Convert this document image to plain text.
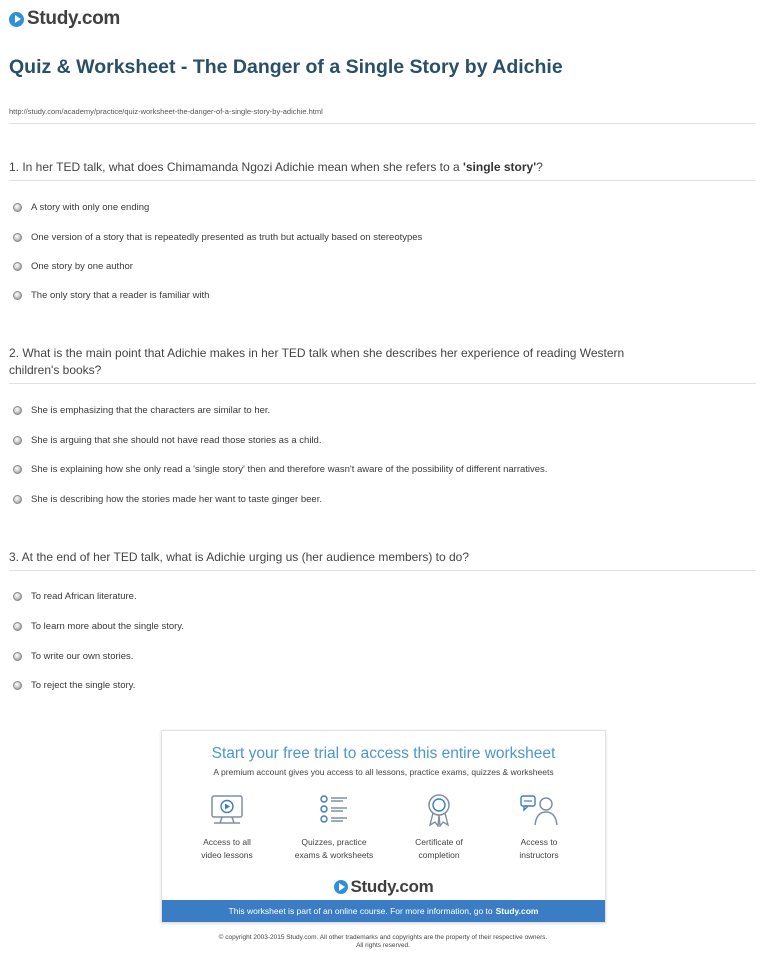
Study.com
Quiz & Worksheet - The Danger of a Single Story by Adichie
http://study.com/academy/practice/quiz-worksheet-the-danger-of-a-single-story-by-adichie.html
1. In her TED talk, what does Chimamanda Ngozi Adichie mean when she refers to a 'single story'?
A story with only one ending
One version of a story that is repeatedly presented as truth but actually based on stereotypes
One story by one author
The only story that a reader is familiar with
2. What is the main point that Adichie makes in her TED talk when she describes her experience of reading Western children's books?
She is emphasizing that the characters are similar to her.
She is arguing that she should not have read those stories as a child.
She is explaining how she only read a 'single story' then and therefore wasn't aware of the possibility of different narratives.
She is describing how the stories made her want to taste ginger beer.
3. At the end of her TED talk, what is Adichie urging us (her audience members) to do?
To read African literature.
To learn more about the single story.
To write our own stories.
To reject the single story.
Start your free trial to access this entire worksheet
A premium account gives you access to all lessons, practice exams, quizzes & worksheets
Access to all
video lessons
Quizzes, practice
exams & worksheets
Certificate of
completion
Access to
instructors
Study.com
This worksheet is part of an online course. For more information, go to Study.com
© copyright 2003-2015 Study.com. All other trademarks and copyrights are the property of their respective owners.
All rights reserved.
